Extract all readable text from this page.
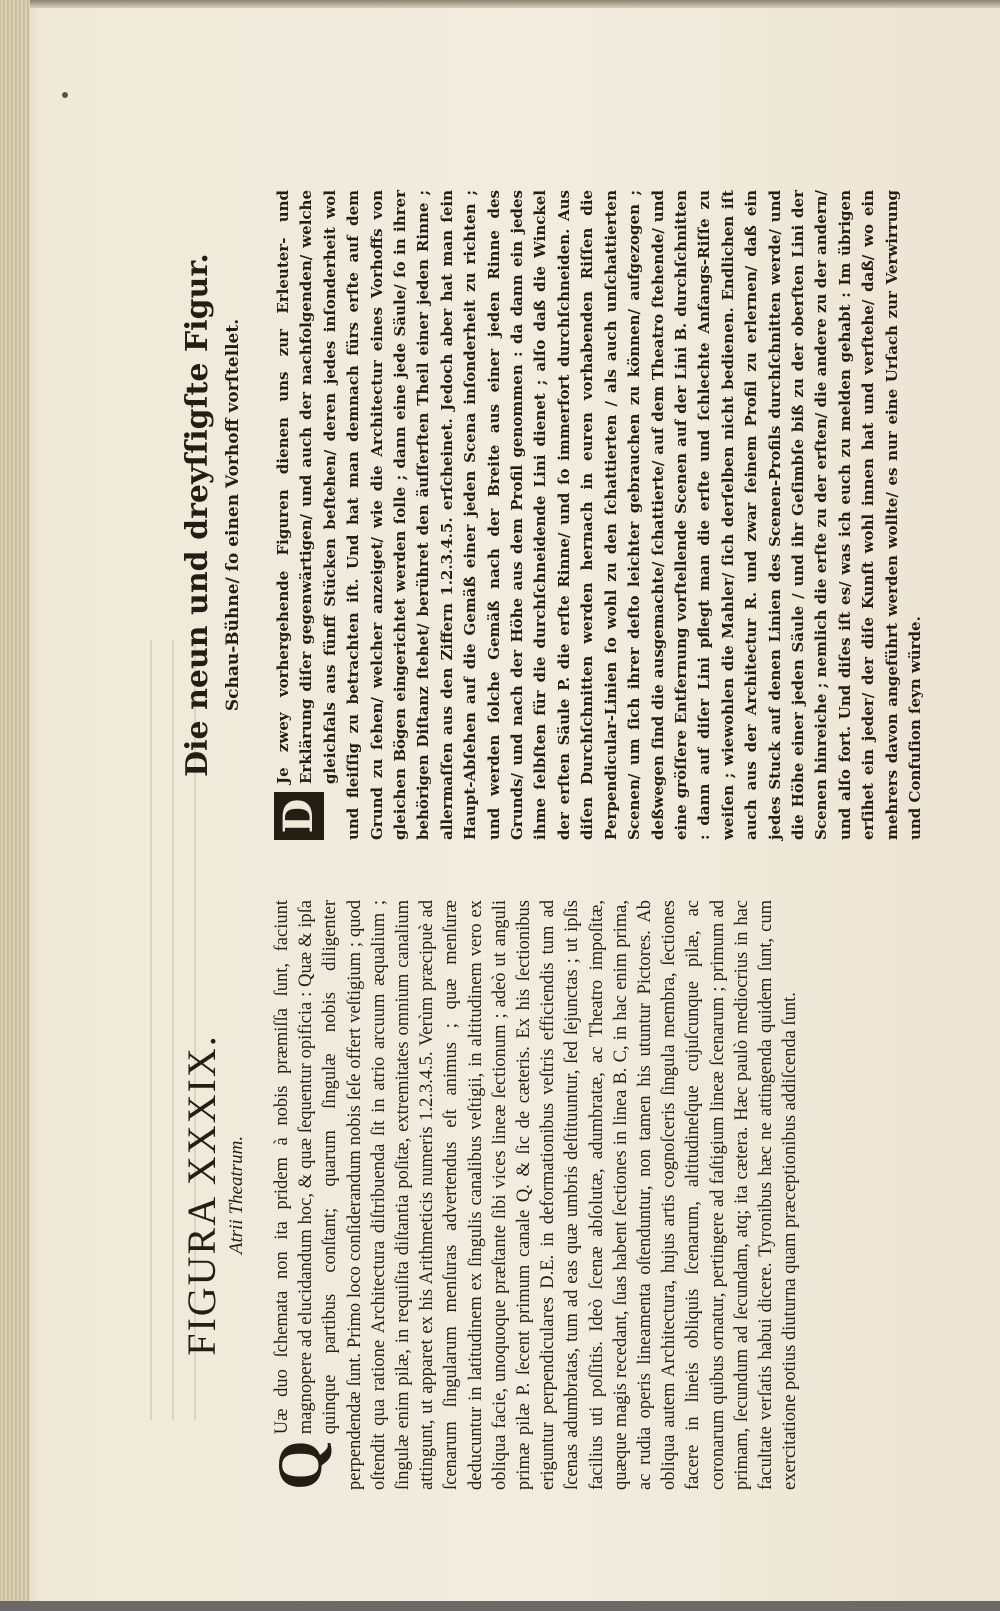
FIGURA XXXIX. Atrii Theatrum.
Q
Uæ duo ſchemata non ita pridem à nobis præmiſſa ſunt, faciunt magnopere ad elucidandum hoc, & quæ ſequentur opificia : Quæ & ipſa quinque partibus conſtant; quarum ſingulæ nobis diligenter perpendendæ ſunt. Primo loco conſiderandum nobis ſeſe offert veſtigium ; quod oſtendit qua ratione Architectura diſtribuenda ſit in atrio arcuum æqualium ; ſingulæ enim pilæ, in requiſita diſtantia poſitæ, extremitates omnium canalium attingunt, ut apparet ex his Arithmeticis numeris 1.2.3.4.5. Verùm præcipuè ad ſcenarum ſingularum menſuras advertendus eſt animus ; quæ menſuræ deducuntur in latitudinem ex ſingulis canalibus veſtigii, in altitudinem vero ex obliqua facie, unoquoque præſtante ſibi vices lineæ ſectionum ; adeò ut anguli primæ pilæ P. ſecent primum canale Q. & ſic de cæteris. Ex his ſectionibus eriguntur perpendiculares D.E. in deformationibus veſtris efficiendis tum ad ſcenas adumbratas, tum ad eas quæ umbris deſtituuntur, ſed ſejunctas ; ut ipſis facilius uti poſſitis. Ideò ſcenæ abſolutæ, adumbratæ, ac Theatro impoſitæ, quæque magis recedant, ſuas habent ſectiones in linea B. C, in hac enim prima, ac rudia operis lineamenta oſtenduntur, non tamen his utuntur Pictores. Ab obliqua autem Architectura, hujus artis cognoſceris ſingula membra, ſectiones facere in lineis obliquis ſcenarum, altitudineſque cujuſcunque pilæ, ac coronarum quibus ornatur, pertingere ad faſtigium lineæ ſcenarum ; primum ad primam, ſecundum ad ſecundam, atq; ita cætera. Hæc paulò mediocrius in hac facultate verſatis habui dicere. Tyronibus hæc ne attingenda quidem ſunt, cum exercitatione potius diuturna quam præceptionibus addiſcenda ſunt.
Die neun und dreyſſigſte Figur. Schau-Bühne/ ſo einen Vorhoff vorſtellet.
D
Je zwey vorhergehende Figuren dienen uns zur Erleuter- und Erklärung diſer gegenwärtigen/ und auch der nachfolgenden/ welche gleichfals aus fünff Stücken beſtehen/ deren jedes inſonderheit wol und fleiſſig zu betrachten iſt. Und hat man demnach fürs erſte auf dem Grund zu ſehen/ welcher anzeiget/ wie die Architectur eines Vorhoffs von gleichen Bögen eingerichtet werden ſolle ; dann eine jede Säule/ ſo in ihrer behörigen Diſtanz ſtehet/ berühret den äuſſerſten Theil einer jeden Rinne ; allermaſſen aus den Ziffern 1.2.3.4.5. erſcheinet. Jedoch aber hat man ſein Haupt-Abſehen auf die Gemäß einer jeden Scena inſonderheit zu richten ; und werden ſolche Gemäß nach der Breite aus einer jeden Rinne des Grunds/ und nach der Höhe aus dem Profil genommen : da dann ein jedes ihme ſelbſten für die durchſchneidende Lini dienet ; alſo daß die Winckel der erſten Säule P. die erſte Rinne/ und ſo immerfort durchſchneiden. Aus diſen Durchſchnitten werden hernach in euren vorhabenden Riſſen die Perpendicular-Linien ſo wohl zu den ſchattierten / als auch unſchattierten Scenen/ um ſich ihrer deſto leichter gebrauchen zu können/ aufgezogen ; deßwegen ſind die ausgemachte/ ſchattierte/ auf dem Theatro ſtehende/ und eine gröſſere Entfernung vorſtellende Scenen auf der Lini B. durchſchnitten : dann auf diſer Lini pflegt man die erſte und ſchlechte Anfangs-Riſſe zu weiſen ; wiewohlen die Mahler/ ſich derſelben nicht bedienen. Endlichen iſt auch aus der Architectur R. und zwar ſeinem Profil zu erlernen/ daß ein jedes Stuck auf denen Linien des Scenen-Profils durchſchnitten werde/ und die Höhe einer jeden Säule / und ihr Geſimbſe biß zu der oberſten Lini der Scenen hinreiche ; nemlich die erſte zu der erſten/ die andere zu der andern/ und alſo fort. Und diſes iſt es/ was ich euch zu melden gehabt : Im übrigen erſihet ein jeder/ der diſe Kunſt wohl innen hat und verſtehe/ daß/ wo ein mehrers davon angeführt werden wollte/ es nur eine Urſach zur Verwirrung und Confuſion ſeyn würde.
